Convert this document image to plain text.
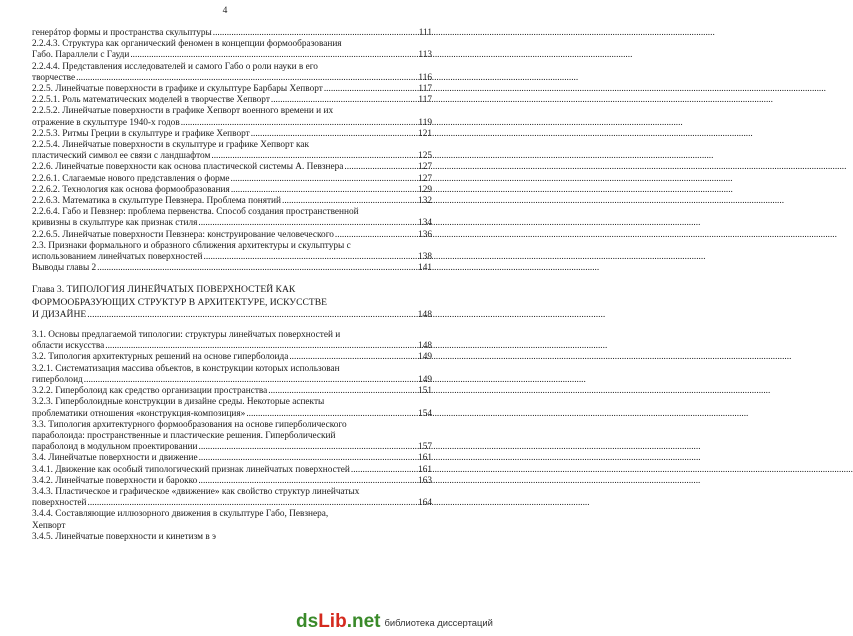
4
генерáтор формы и пространства скульптуры .....	111
2.2.4.3. Структура как органический феномен в концепции формообразования
Габо. Параллели с Гауди .....	113
2.2.4.4. Представления исследователей и самого Габо о роли науки в его
творчестве .....	116
2.2.5. Линейчатые поверхности в графике и скульптуре Барбары Хепворт .....	117
2.2.5.1. Роль математических моделей в творчестве Хепворт .....	117
2.2.5.2. Линейчатые поверхности в графике Хепворт военного времени и их
отражение в скульптуре 1940-х годов .....	119
2.2.5.3. Ритмы Греции в скульптуре и графике Хепворт .....	121
2.2.5.4. Линейчатые поверхности в скульптуре и графике Хепворт как
пластический символ ее связи с ландшафтом .....	125
2.2.6. Линейчатые поверхности как основа пластической системы А. Певзнера .....	127
2.2.6.1. Слагаемые нового представления о форме .....	127
2.2.6.2. Технология как основа формообразования .....	129
2.2.6.3. Математика в скульптуре Певзнера. Проблема понятий .....	132
2.2.6.4. Габо и Певзнер: проблема первенства. Способ создания пространственной
кривизны в скульптуре как признак стиля .....	134
2.2.6.5. Линейчатые поверхности Певзнера: конструирование человеческого .....	136
2.3. Признаки формального и образного сближения архитектуры и скульптуры с
использованием линейчатых поверхностей .....	138
Выводы главы 2 .....	141
Глава 3. ТИПОЛОГИЯ ЛИНЕЙЧАТЫХ ПОВЕРХНОСТЕЙ КАК
ФОРМООБРАЗУЮЩИХ СТРУКТУР В АРХИТЕКТУРЕ, ИСКУССТВЕ
И ДИЗАЙНЕ .....	148
3.1. Основы предлагаемой типологии: структуры линейчатых поверхностей и
области искусства .....	148
3.2. Типология архитектурных решений на основе гиперболоида .....	149
3.2.1. Систематизация массива объектов, в конструкции которых использован
гиперболоид .....	149
3.2.2. Гиперболоид как средство организации пространства .....	151
3.2.3. Гиперболоидные конструкции в дизайне среды. Некоторые аспекты
проблематики отношения «конструкция-композиция» .....	154
3.3. Типология архитектурного формообразования на основе гиперболического
параболоида: пространственные и пластические решения. Гиперболический
параболоид в модульном проектировании .....	157
3.4. Линейчатые поверхности и движение .....	161
3.4.1. Движение как особый типологический признак линейчатых поверхностей .....	161
3.4.2. Линейчатые поверхности и барокко .....	163
3.4.3. Пластическое и графическое «движение» как свойство структур линейчатых
поверхностей .....	164
3.4.4. Составляющие иллюзорного движения в скульптуре Габо, Певзнера,
Хепворт
3.4.5. Линейчатые поверхности и кинетизм в э
dsLib.net библиотека диссертаций
